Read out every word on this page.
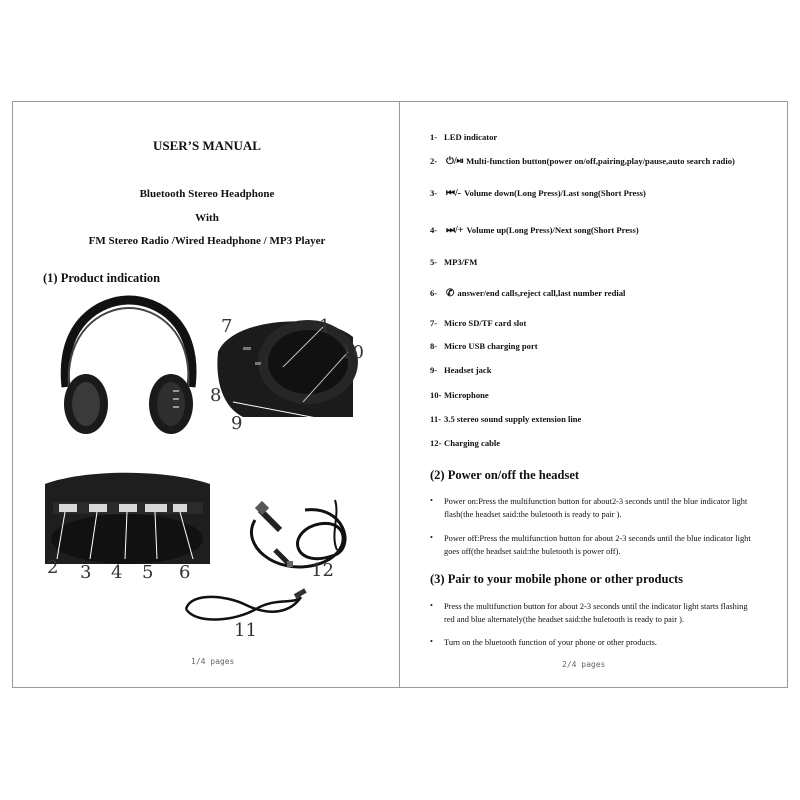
USER’S MANUAL
Bluetooth Stereo Headphone
With
FM Stereo Radio /Wired Headphone / MP3 Player
(1) Product indication
7	1
10
8
9
2 3 4 5 6	12
11
1/4 pages
1- LED indicator
2- ⏻/⏯ Multi-function button(power on/off,pairing,play/pause,auto search radio)
3- ⏮/- Volume down(Long Press)/Last song(Short Press)
4- ⏭/+ Volume up(Long Press)/Next song(Short Press)
5- MP3/FM
6- ✆ answer/end calls,reject call,last number redial
7- Micro SD/TF card slot
8- Micro USB charging port
9- Headset jack
10- Microphone
11- 3.5 stereo sound supply extension line
12- Charging cable
(2) Power on/off the headset
• Power on:Press the multifunction button for about2-3 seconds until the blue indicator light flash(the headset said:the buletooth is ready to pair ).
• Power off:Press the multifunction button for about 2-3 seconds until the blue indicator light goes off(the headset said:the buletooth is power off).
(3) Pair to your mobile phone or other products
• Press the multifunction button for about 2-3 seconds until the indicator light starts flashing red and blue alternately(the headset said:the buletooth is ready to pair ).
• Turn on the bluetooth function of your phone or other products.
2/4 pages
